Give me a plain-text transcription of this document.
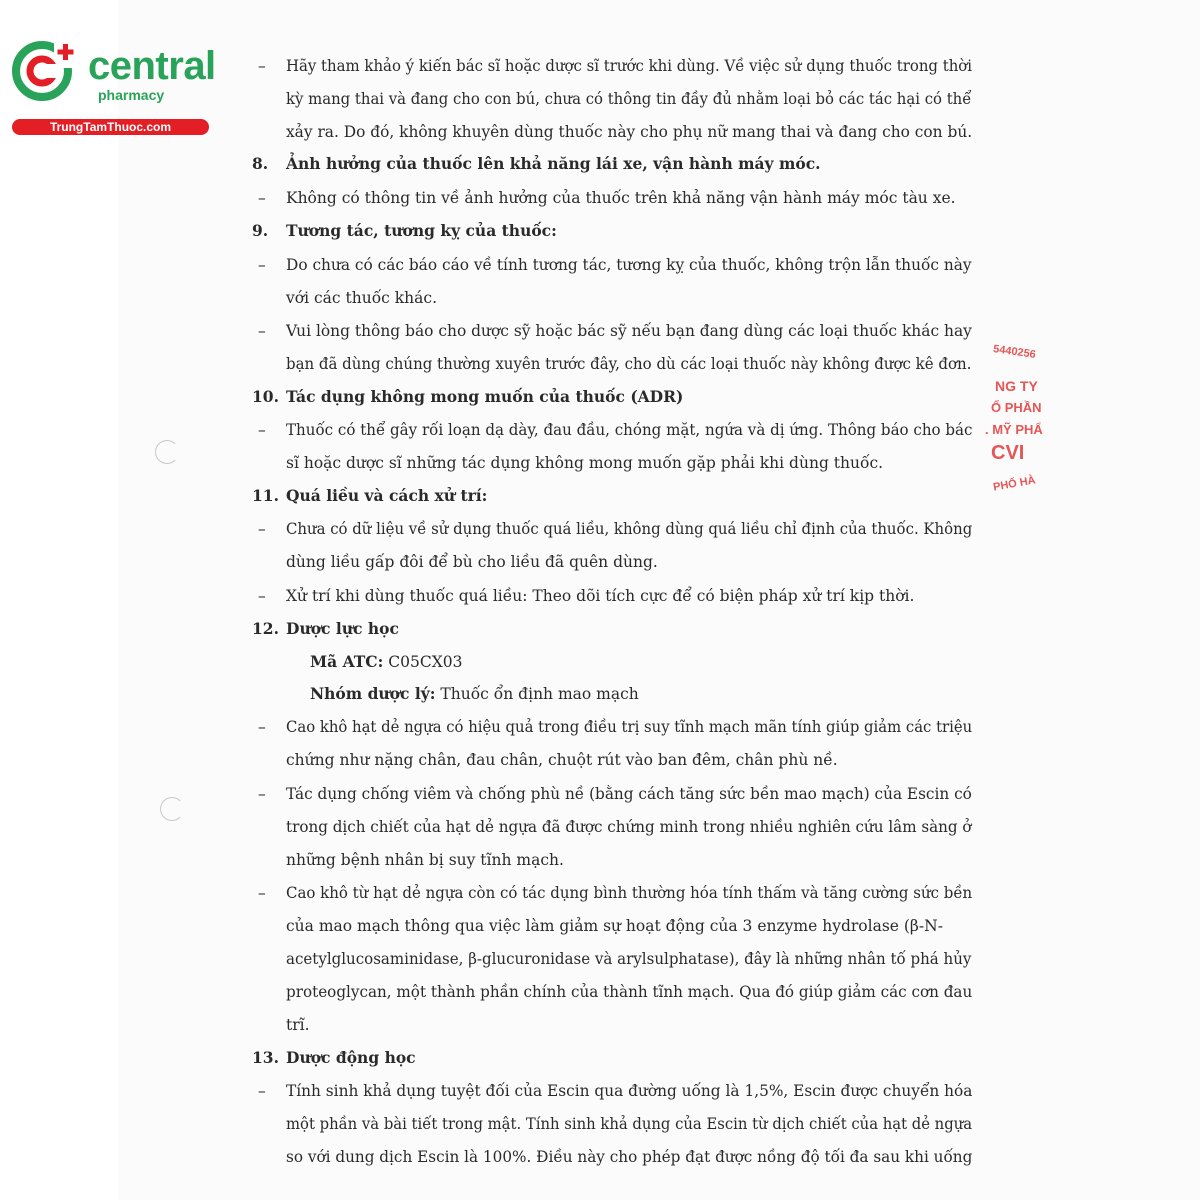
central
pharmacy
TrungTamThuoc.com
5440256
NG TY
Ổ PHẦN
. MỸ PHẨ
CVI
PHỐ HÀ
– Hãy tham khảo ý kiến bác sĩ hoặc dược sĩ trước khi dùng. Về việc sử dụng thuốc trong thời
kỳ mang thai và đang cho con bú, chưa có thông tin đầy đủ nhằm loại bỏ các tác hại có thể
xảy ra. Do đó, không khuyên dùng thuốc này cho phụ nữ mang thai và đang cho con bú.
8. Ảnh hưởng của thuốc lên khả năng lái xe, vận hành máy móc.
– Không có thông tin về ảnh hưởng của thuốc trên khả năng vận hành máy móc tàu xe.
9. Tương tác, tương kỵ của thuốc:
– Do chưa có các báo cáo về tính tương tác, tương kỵ của thuốc, không trộn lẫn thuốc này
với các thuốc khác.
– Vui lòng thông báo cho dược sỹ hoặc bác sỹ nếu bạn đang dùng các loại thuốc khác hay
bạn đã dùng chúng thường xuyên trước đây, cho dù các loại thuốc này không được kê đơn.
10. Tác dụng không mong muốn của thuốc (ADR)
– Thuốc có thể gây rối loạn dạ dày, đau đầu, chóng mặt, ngứa và dị ứng. Thông báo cho bác
sĩ hoặc dược sĩ những tác dụng không mong muốn gặp phải khi dùng thuốc.
11. Quá liều và cách xử trí:
– Chưa có dữ liệu về sử dụng thuốc quá liều, không dùng quá liều chỉ định của thuốc. Không
dùng liều gấp đôi để bù cho liều đã quên dùng.
– Xử trí khi dùng thuốc quá liều: Theo dõi tích cực để có biện pháp xử trí kịp thời.
12. Dược lực học
Mã ATC: C05CX03
Nhóm dược lý: Thuốc ổn định mao mạch
– Cao khô hạt dẻ ngựa có hiệu quả trong điều trị suy tĩnh mạch mãn tính giúp giảm các triệu
chứng như nặng chân, đau chân, chuột rút vào ban đêm, chân phù nề.
– Tác dụng chống viêm và chống phù nề (bằng cách tăng sức bền mao mạch) của Escin có
trong dịch chiết của hạt dẻ ngựa đã được chứng minh trong nhiều nghiên cứu lâm sàng ở
những bệnh nhân bị suy tĩnh mạch.
– Cao khô từ hạt dẻ ngựa còn có tác dụng bình thường hóa tính thấm và tăng cường sức bền
của mao mạch thông qua việc làm giảm sự hoạt động của 3 enzyme hydrolase (β-N-
acetylglucosaminidase, β-glucuronidase và arylsulphatase), đây là những nhân tố phá hủy
proteoglycan, một thành phần chính của thành tĩnh mạch. Qua đó giúp giảm các cơn đau
trĩ.
13. Dược động học
– Tính sinh khả dụng tuyệt đối của Escin qua đường uống là 1,5%, Escin được chuyển hóa
một phần và bài tiết trong mật. Tính sinh khả dụng của Escin từ dịch chiết của hạt dẻ ngựa
so với dung dịch Escin là 100%. Điều này cho phép đạt được nồng độ tối đa sau khi uống
